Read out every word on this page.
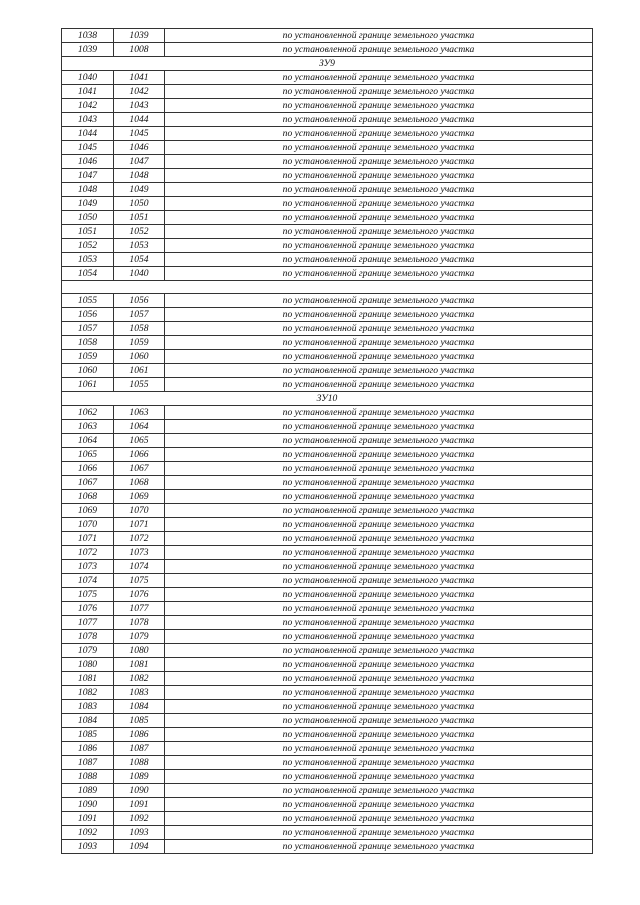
1038	1039	по установленной границе земельного участка
1039	1008	по установленной границе земельного участка
ЗУ9		
1040	1041	по установленной границе земельного участка
1041	1042	по установленной границе земельного участка
1042	1043	по установленной границе земельного участка
1043	1044	по установленной границе земельного участка
1044	1045	по установленной границе земельного участка
1045	1046	по установленной границе земельного участка
1046	1047	по установленной границе земельного участка
1047	1048	по установленной границе земельного участка
1048	1049	по установленной границе земельного участка
1049	1050	по установленной границе земельного участка
1050	1051	по установленной границе земельного участка
1051	1052	по установленной границе земельного участка
1052	1053	по установленной границе земельного участка
1053	1054	по установленной границе земельного участка
1054	1040	по установленной границе земельного участка

1055	1056	по установленной границе земельного участка
1056	1057	по установленной границе земельного участка
1057	1058	по установленной границе земельного участка
1058	1059	по установленной границе земельного участка
1059	1060	по установленной границе земельного участка
1060	1061	по установленной границе земельного участка
1061	1055	по установленной границе земельного участка
ЗУ10		
1062	1063	по установленной границе земельного участка
1063	1064	по установленной границе земельного участка
1064	1065	по установленной границе земельного участка
1065	1066	по установленной границе земельного участка
1066	1067	по установленной границе земельного участка
1067	1068	по установленной границе земельного участка
1068	1069	по установленной границе земельного участка
1069	1070	по установленной границе земельного участка
1070	1071	по установленной границе земельного участка
1071	1072	по установленной границе земельного участка
1072	1073	по установленной границе земельного участка
1073	1074	по установленной границе земельного участка
1074	1075	по установленной границе земельного участка
1075	1076	по установленной границе земельного участка
1076	1077	по установленной границе земельного участка
1077	1078	по установленной границе земельного участка
1078	1079	по установленной границе земельного участка
1079	1080	по установленной границе земельного участка
1080	1081	по установленной границе земельного участка
1081	1082	по установленной границе земельного участка
1082	1083	по установленной границе земельного участка
1083	1084	по установленной границе земельного участка
1084	1085	по установленной границе земельного участка
1085	1086	по установленной границе земельного участка
1086	1087	по установленной границе земельного участка
1087	1088	по установленной границе земельного участка
1088	1089	по установленной границе земельного участка
1089	1090	по установленной границе земельного участка
1090	1091	по установленной границе земельного участка
1091	1092	по установленной границе земельного участка
1092	1093	по установленной границе земельного участка
1093	1094	по установленной границе земельного участка
